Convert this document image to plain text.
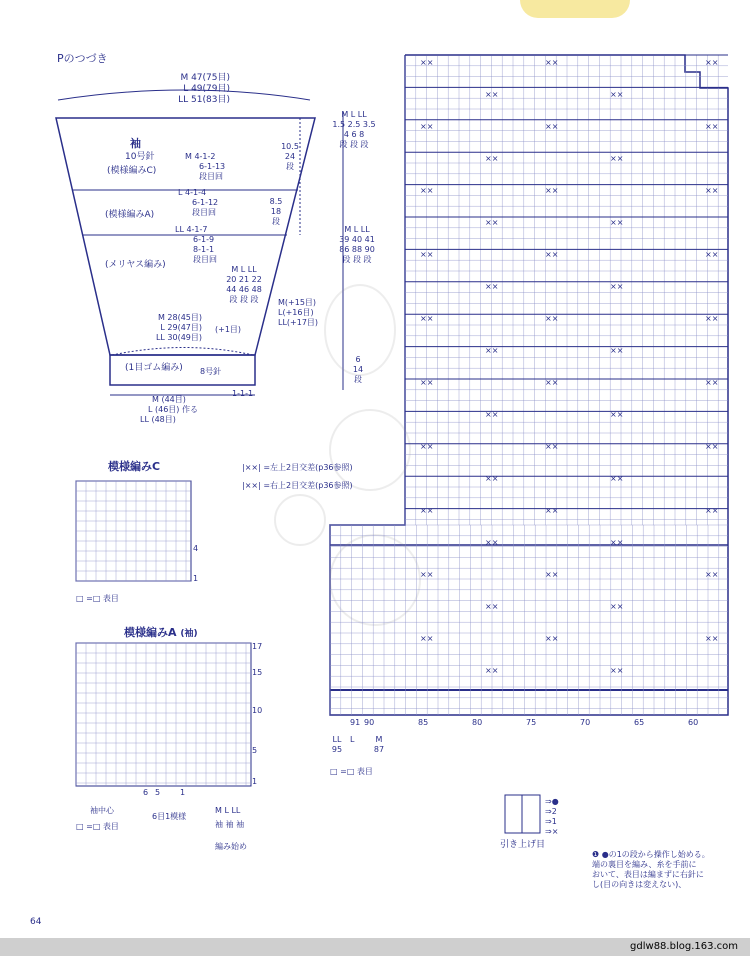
Pのつづき
M 47(75目)
L 49(79目)
LL 51(83目)
⨯⨯	⨯⨯	⨯⨯
⨯⨯	⨯⨯
⨯⨯	⨯⨯	⨯⨯
⨯⨯	⨯⨯
⨯⨯	⨯⨯	⨯⨯
⨯⨯	⨯⨯
⨯⨯	⨯⨯	⨯⨯
⨯⨯	⨯⨯
⨯⨯	⨯⨯	⨯⨯
⨯⨯	⨯⨯
⨯⨯	⨯⨯	⨯⨯
⨯⨯	⨯⨯
⨯⨯	⨯⨯	⨯⨯
⨯⨯	⨯⨯
⨯⨯	⨯⨯	⨯⨯
⨯⨯	⨯⨯
⨯⨯	⨯⨯	⨯⨯
⨯⨯	⨯⨯
⨯⨯	⨯⨯	⨯⨯
⨯⨯	⨯⨯
袖
10号針
(模様編みC)
(模様編みA)
(メリヤス編み)
(1目ゴム編み) 8号針
M 4-1-2
6-1-13
段目回
L 4-1-4
6-1-12
段目回
LL 4-1-7
6-1-9
8-1-1
段目回
M L LL
20 21 22
44 46 48
段 段 段
M 28(45目)
L 29(47目)
LL 30(49目)
(+1目)
M (44目)
L (46目) 作る
LL (48目)
1-1-1
M(+15目)
L(+16目)
LL(+17目)
10.5
24
段
8.5
18
段
M L LL
1.5 2.5 3.5
4 6 8
段 段 段
M L LL
39 40 41
86 88 90
段 段 段
6
14
段
|⨯⨯| =左上2目交差(p36参照)
|⨯⨯| =右上2目交差(p36参照)
模様編みC
4
1
□ =□ 表目
模様編みA (袖)
17
15
10
5
1
6 5 1
袖中心
6目1模様
M L LL
袖 袖 袖
編み始め
□ =□ 表目
91 90	85	80	75	70	65	60
LL
95
L	M
87
□ =□ 表目
⇒●
⇒2
⇒1
⇒×
引き上げ目
❶ ●の1の段から操作し始める。
端の裏目を編み、糸を手前に
おいて、表目は編まずに右針に
し(目の向きは変えない)、
64
gdlw88.blog.163.com
